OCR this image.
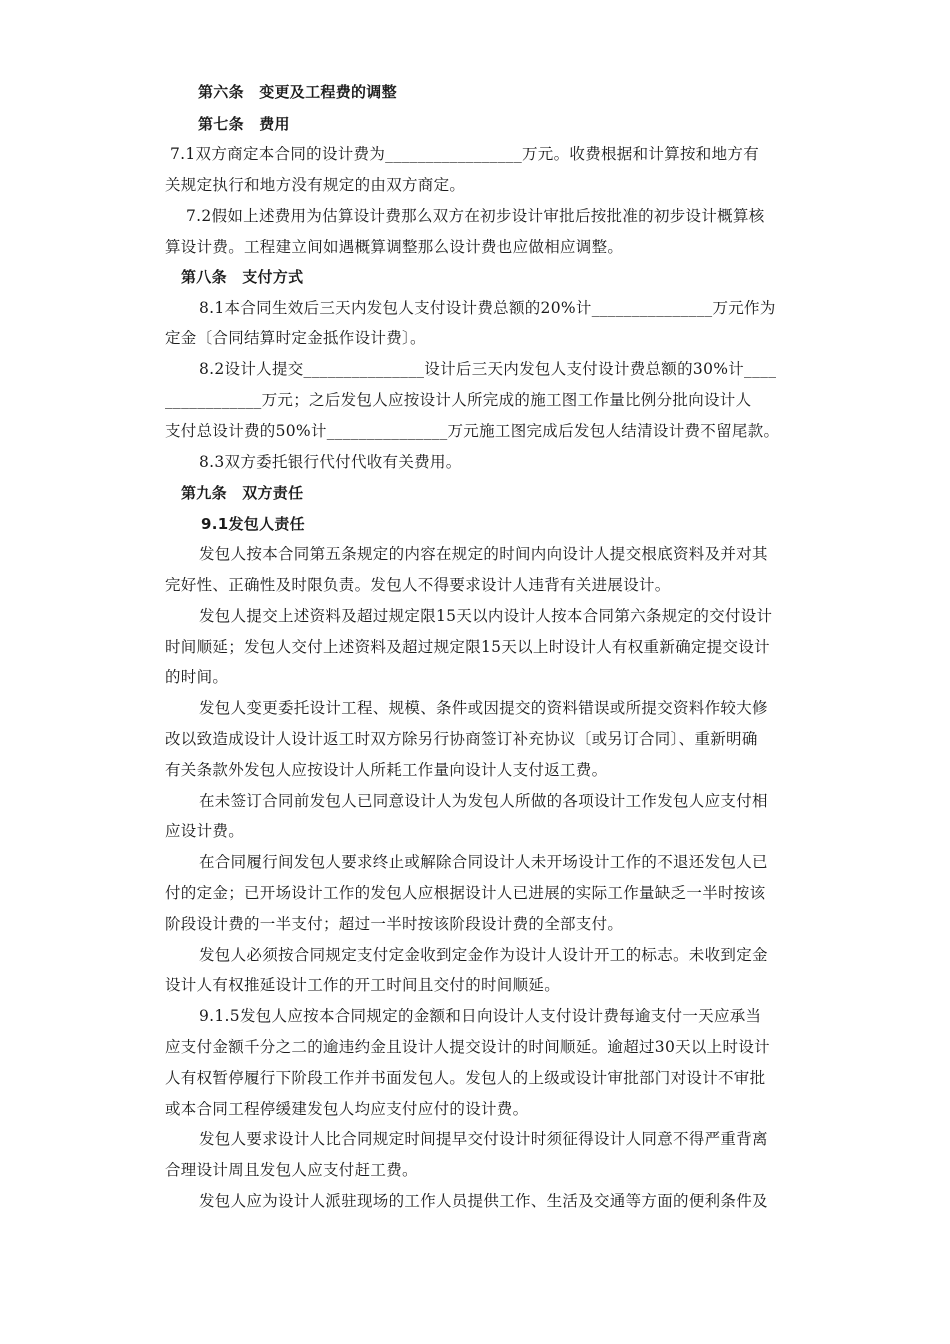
第六条　变更及工程费的调整
第七条　费用
7.1双方商定本合同的设计费为_________________万元。收费根据和计算按和地方有
关规定执行和地方没有规定的由双方商定。
7.2假如上述费用为估算设计费那么双方在初步设计审批后按批准的初步设计概算核
算设计费。工程建立间如遇概算调整那么设计费也应做相应调整。
第八条　支付方式
8.1本合同生效后三天内发包人支付设计费总额的20%计_______________万元作为
定金〔合同结算时定金抵作设计费〕。
8.2设计人提交_______________设计后三天内发包人支付设计费总额的30%计____
____________万元；之后发包人应按设计人所完成的施工图工作量比例分批向设计人
支付总设计费的50%计_______________万元施工图完成后发包人结清设计费不留尾款。
8.3双方委托银行代付代收有关费用。
第九条　双方责任
9.1发包人责任
发包人按本合同第五条规定的内容在规定的时间内向设计人提交根底资料及并对其
完好性、正确性及时限负责。发包人不得要求设计人违背有关进展设计。
发包人提交上述资料及超过规定限15天以内设计人按本合同第六条规定的交付设计
时间顺延；发包人交付上述资料及超过规定限15天以上时设计人有权重新确定提交设计
的时间。
发包人变更委托设计工程、规模、条件或因提交的资料错误或所提交资料作较大修
改以致造成设计人设计返工时双方除另行协商签订补充协议〔或另订合同〕、重新明确
有关条款外发包人应按设计人所耗工作量向设计人支付返工费。
在未签订合同前发包人已同意设计人为发包人所做的各项设计工作发包人应支付相
应设计费。
在合同履行间发包人要求终止或解除合同设计人未开场设计工作的不退还发包人已
付的定金；已开场设计工作的发包人应根据设计人已进展的实际工作量缺乏一半时按该
阶段设计费的一半支付；超过一半时按该阶段设计费的全部支付。
发包人必须按合同规定支付定金收到定金作为设计人设计开工的标志。未收到定金
设计人有权推延设计工作的开工时间且交付的时间顺延。
9.1.5发包人应按本合同规定的金额和日向设计人支付设计费每逾支付一天应承当
应支付金额千分之二的逾违约金且设计人提交设计的时间顺延。逾超过30天以上时设计
人有权暂停履行下阶段工作并书面发包人。发包人的上级或设计审批部门对设计不审批
或本合同工程停缓建发包人均应支付应付的设计费。
发包人要求设计人比合同规定时间提早交付设计时须征得设计人同意不得严重背离
合理设计周且发包人应支付赶工费。
发包人应为设计人派驻现场的工作人员提供工作、生活及交通等方面的便利条件及
